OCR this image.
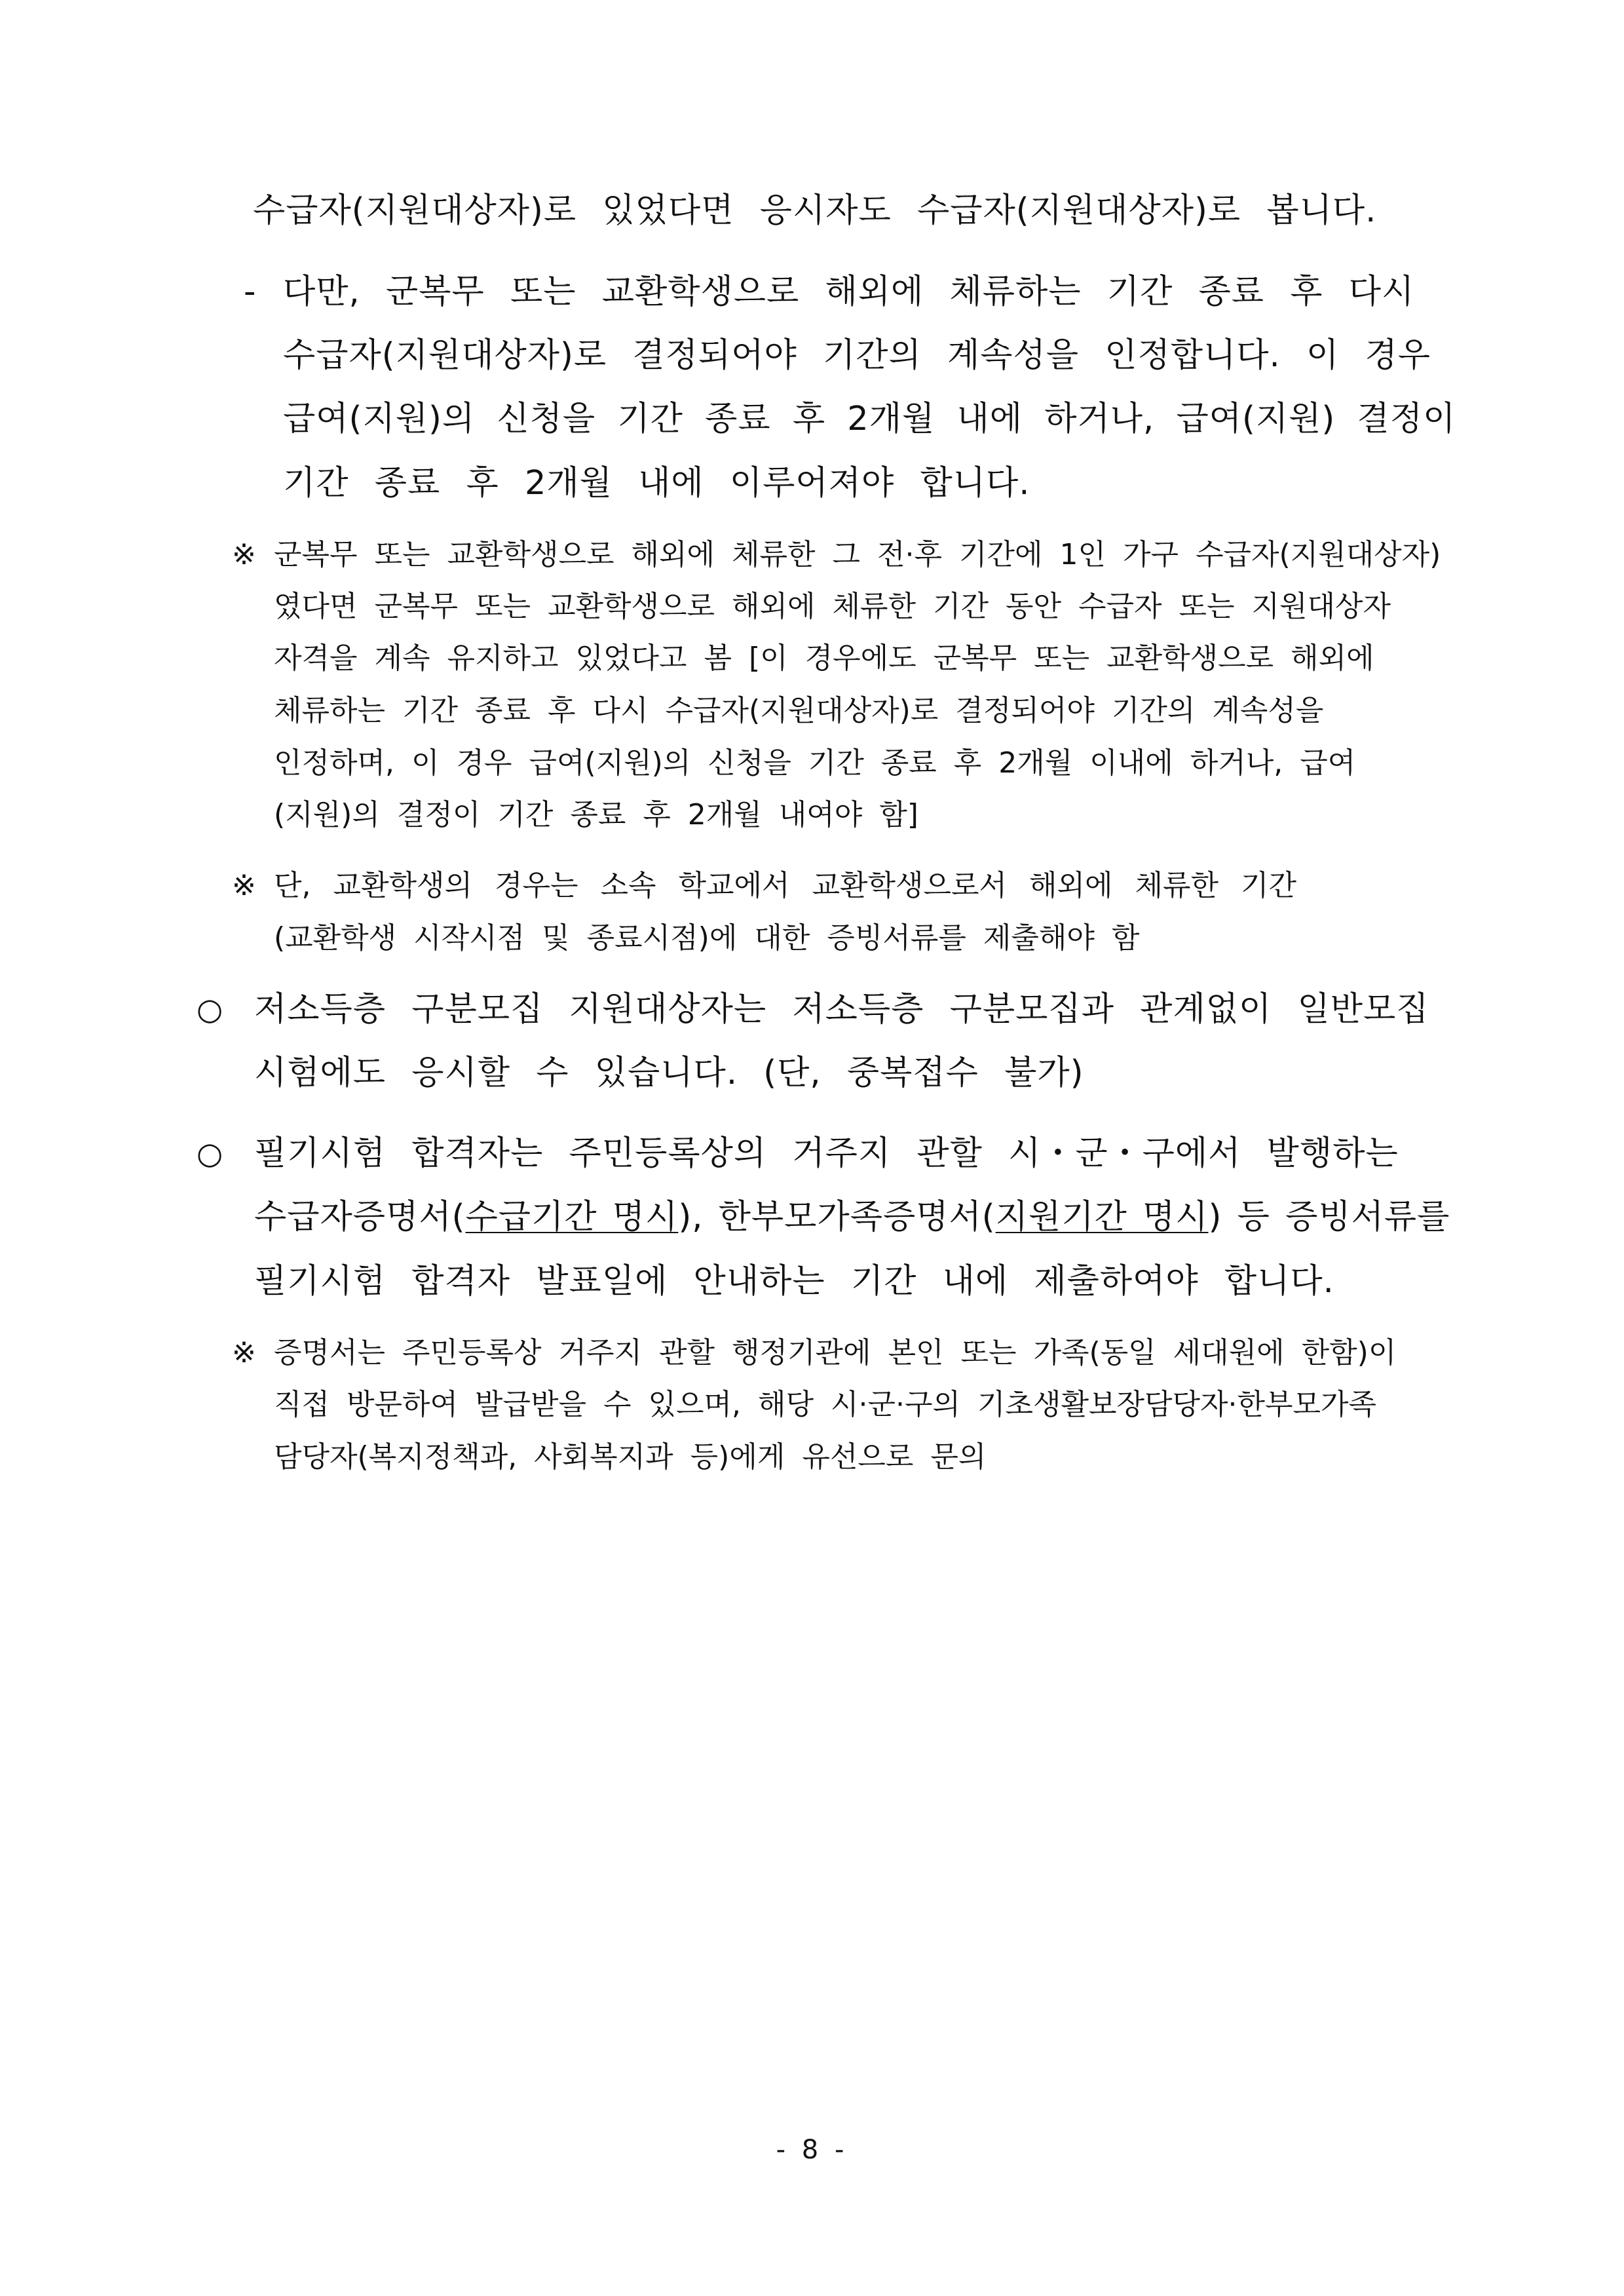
수급자(지원대상자)로 있었다면 응시자도 수급자(지원대상자)로 봅니다.
- 다만, 군복무 또는 교환학생으로 해외에 체류하는 기간 종료 후 다시
수급자(지원대상자)로 결정되어야 기간의 계속성을 인정합니다. 이 경우
급여(지원)의 신청을 기간 종료 후 2개월 내에 하거나, 급여(지원) 결정이
기간 종료 후 2개월 내에 이루어져야 합니다.
※ 군복무 또는 교환학생으로 해외에 체류한 그 전·후 기간에 1인 가구 수급자(지원대상자)
였다면 군복무 또는 교환학생으로 해외에 체류한 기간 동안 수급자 또는 지원대상자
자격을 계속 유지하고 있었다고 봄 [이 경우에도 군복무 또는 교환학생으로 해외에
체류하는 기간 종료 후 다시 수급자(지원대상자)로 결정되어야 기간의 계속성을
인정하며, 이 경우 급여(지원)의 신청을 기간 종료 후 2개월 이내에 하거나, 급여
(지원)의 결정이 기간 종료 후 2개월 내여야 함]
※ 단, 교환학생의 경우는 소속 학교에서 교환학생으로서 해외에 체류한 기간
(교환학생 시작시점 및 종료시점)에 대한 증빙서류를 제출해야 함
○ 저소득층 구분모집 지원대상자는 저소득층 구분모집과 관계없이 일반모집
시험에도 응시할 수 있습니다. (단, 중복접수 불가)
○ 필기시험 합격자는 주민등록상의 거주지 관할 시・군・구에서 발행하는
수급자증명서(수급기간 명시), 한부모가족증명서(지원기간 명시) 등 증빙서류를
필기시험 합격자 발표일에 안내하는 기간 내에 제출하여야 합니다.
※ 증명서는 주민등록상 거주지 관할 행정기관에 본인 또는 가족(동일 세대원에 한함)이
직접 방문하여 발급받을 수 있으며, 해당 시·군·구의 기초생활보장담당자·한부모가족
담당자(복지정책과, 사회복지과 등)에게 유선으로 문의
- 8 -
